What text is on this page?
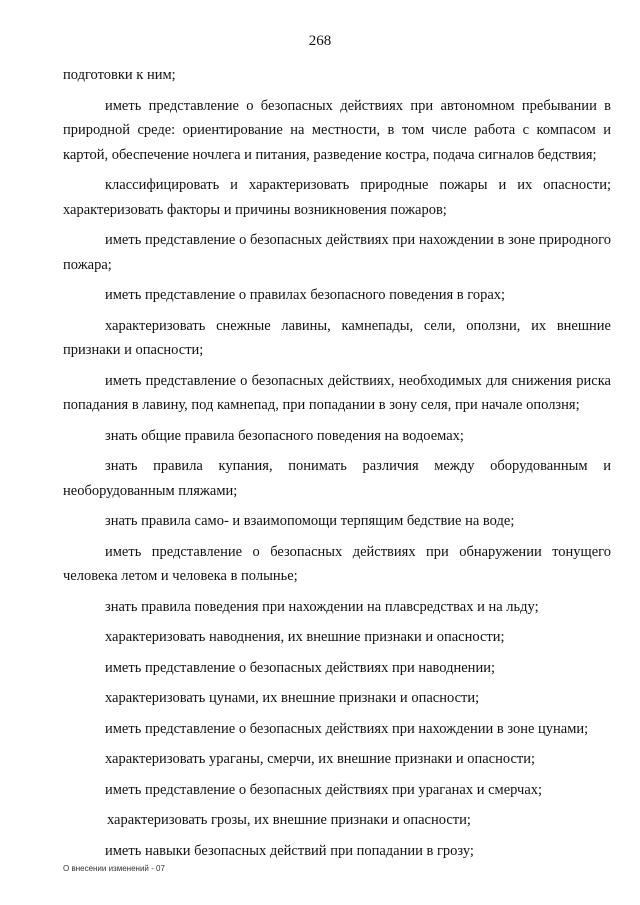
268

подготовки к ним;

иметь представление о безопасных действиях при автономном пребывании в природной среде: ориентирование на местности, в том числе работа с компасом и картой, обеспечение ночлега и питания, разведение костра, подача сигналов бедствия;

классифицировать и характеризовать природные пожары и их опасности; характеризовать факторы и причины возникновения пожаров;

иметь представление о безопасных действиях при нахождении в зоне природного пожара;

иметь представление о правилах безопасного поведения в горах;

характеризовать снежные лавины, камнепады, сели, оползни, их внешние признаки и опасности;

иметь представление о безопасных действиях, необходимых для снижения риска попадания в лавину, под камнепад, при попадании в зону селя, при начале оползня;

знать общие правила безопасного поведения на водоемах;

знать правила купания, понимать различия между оборудованным и необорудованным пляжами;

знать правила само- и взаимопомощи терпящим бедствие на воде;

иметь представление о безопасных действиях при обнаружении тонущего человека летом и человека в полынье;

знать правила поведения при нахождении на плавсредствах и на льду;

характеризовать наводнения, их внешние признаки и опасности;

иметь представление о безопасных действиях при наводнении;

характеризовать цунами, их внешние признаки и опасности;

иметь представление о безопасных действиях при нахождении в зоне цунами;

характеризовать ураганы, смерчи, их внешние признаки и опасности;

иметь представление о безопасных действиях при ураганах и смерчах;

характеризовать грозы, их внешние признаки и опасности;

иметь навыки безопасных действий при попадании в грозу;

О внесении изменений - 07
